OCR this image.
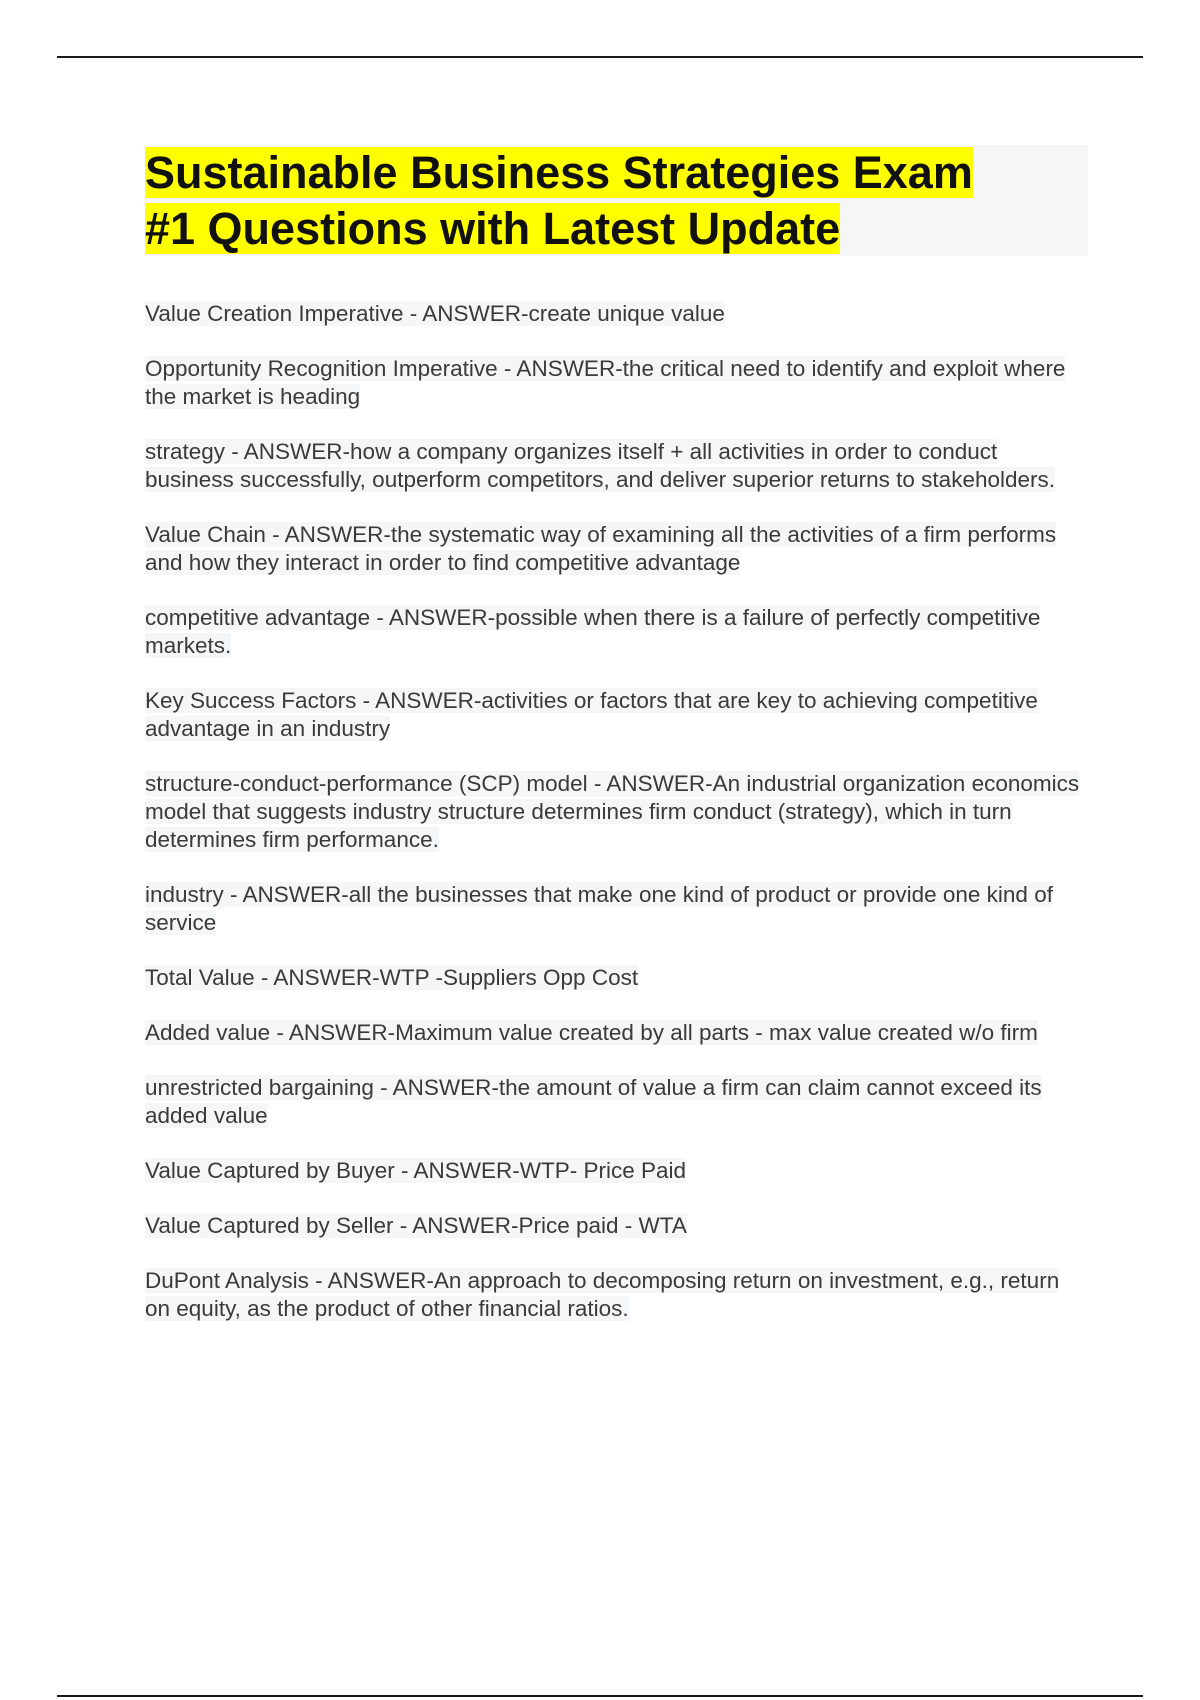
Sustainable Business Strategies Exam
#1 Questions with Latest Update

Value Creation Imperative - ANSWER-create unique value

Opportunity Recognition Imperative - ANSWER-the critical need to identify and exploit where the market is heading

strategy - ANSWER-how a company organizes itself + all activities in order to conduct business successfully, outperform competitors, and deliver superior returns to stakeholders.

Value Chain - ANSWER-the systematic way of examining all the activities of a firm performs and how they interact in order to find competitive advantage

competitive advantage - ANSWER-possible when there is a failure of perfectly competitive markets.

Key Success Factors - ANSWER-activities or factors that are key to achieving competitive advantage in an industry

structure-conduct-performance (SCP) model - ANSWER-An industrial organization economics model that suggests industry structure determines firm conduct (strategy), which in turn determines firm performance.

industry - ANSWER-all the businesses that make one kind of product or provide one kind of service

Total Value - ANSWER-WTP -Suppliers Opp Cost

Added value - ANSWER-Maximum value created by all parts - max value created w/o firm

unrestricted bargaining - ANSWER-the amount of value a firm can claim cannot exceed its added value

Value Captured by Buyer - ANSWER-WTP- Price Paid

Value Captured by Seller - ANSWER-Price paid - WTA

DuPont Analysis - ANSWER-An approach to decomposing return on investment, e.g., return on equity, as the product of other financial ratios.
